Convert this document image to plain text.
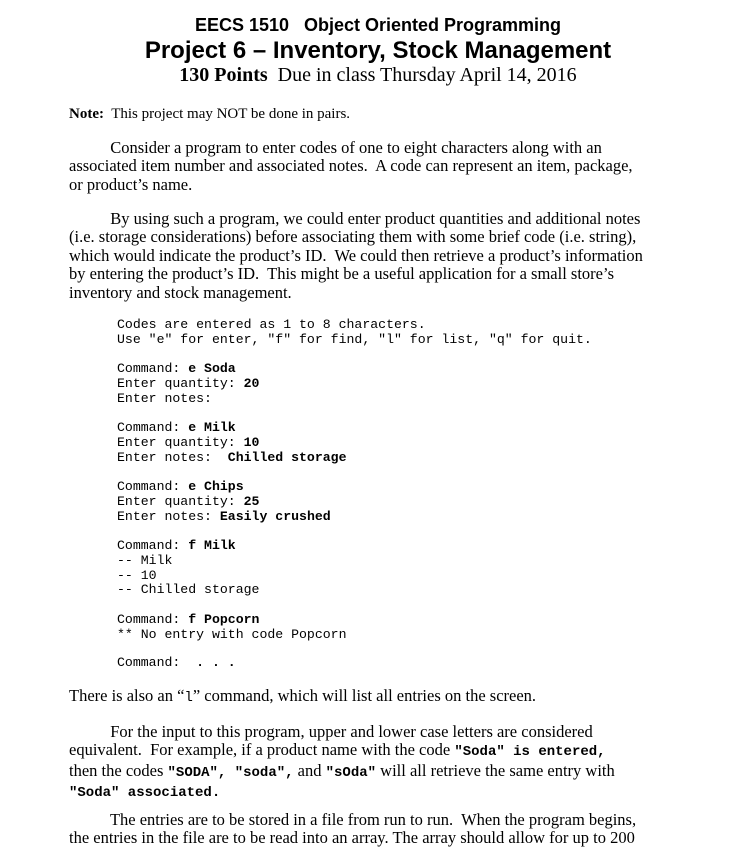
EECS 1510   Object Oriented Programming
Project 6 – Inventory, Stock Management
130 Points  Due in class Thursday April 14, 2016
Note:  This project may NOT be done in pairs.
Consider a program to enter codes of one to eight characters along with an
associated item number and associated notes.  A code can represent an item, package,
or product’s name.
By using such a program, we could enter product quantities and additional notes
(i.e. storage considerations) before associating them with some brief code (i.e. string),
which would indicate the product’s ID.  We could then retrieve a product’s information
by entering the product’s ID.  This might be a useful application for a small store’s
inventory and stock management.
Codes are entered as 1 to 8 characters.
Use "e" for enter, "f" for find, "l" for list, "q" for quit.
Command: e Soda
Enter quantity: 20
Enter notes:
Command: e Milk
Enter quantity: 10
Enter notes:  Chilled storage
Command: e Chips
Enter quantity: 25
Enter notes: Easily crushed
Command: f Milk
-- Milk
-- 10
-- Chilled storage
Command: f Popcorn
** No entry with code Popcorn
Command:  . . .
There is also an “l” command, which will list all entries on the screen.
For the input to this program, upper and lower case letters are considered
equivalent.  For example, if a product name with the code "Soda" is entered,
then the codes "SODA", "soda", and "sOda" will all retrieve the same entry with
"Soda" associated.
The entries are to be stored in a file from run to run.  When the program begins,
the entries in the file are to be read into an array. The array should allow for up to 200
